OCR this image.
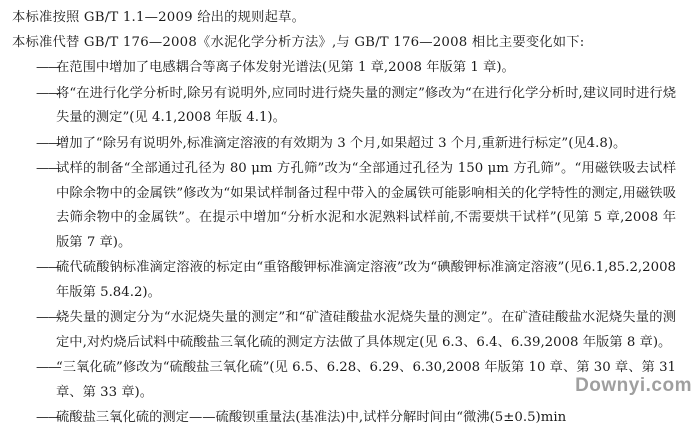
本标准按照 GB/T 1.1—2009 给出的规则起草。

本标准代替 GB/T 176—2008《水泥化学分析方法》,与 GB/T 176—2008 相比主要变化如下:

——
在范围中增加了电感耦合等离子体发射光谱法(见第 1 章,2008 年版第 1 章)。
——
将“在进行化学分析时,除另有说明外,应同时进行烧失量的测定”修改为“在进行化学分析时,建议同时进行烧失量的测定”(见 4.1,2008 年版 4.1)。
——
增加了“除另有说明外,标准滴定溶液的有效期为 3 个月,如果超过 3 个月,重新进行标定”(见4.8)。
——
试样的制备“全部通过孔径为 80 μm 方孔筛”改为“全部通过孔径为 150 μm 方孔筛”。“用磁铁吸去试样中除余物中的金属铁”修改为“如果试样制备过程中带入的金属铁可能影响相关的化学特性的测定,用磁铁吸去筛余物中的金属铁”。在提示中增加“分析水泥和水泥熟料试样前,不需要烘干试样”(见第 5 章,2008 年版第 7 章)。
——
硫代硫酸钠标准滴定溶液的标定由“重铬酸钾标准滴定溶液”改为“碘酸钾标准滴定溶液”(见6.1,85.2,2008 年版第 5.84.2)。
——
烧失量的测定分为“水泥烧失量的测定”和“矿渣硅酸盐水泥烧失量的测定”。在矿渣硅酸盐水泥烧失量的测定中,对灼烧后试料中硫酸盐三氧化硫的测定方法做了具体规定(见 6.3、6.4、6.39,2008 年版第 8 章)。
——
“三氧化硫”修改为“硫酸盐三氧化硫”(见 6.5、6.28、6.29、6.30,2008 年版第 10 章、第 30 章、第 31 章、第 33 章)。
——
硫酸盐三氧化硫的测定——硫酸钡重量法(基准法)中,试样分解时间由“微沸(5±0.5)min
Downyi.com
